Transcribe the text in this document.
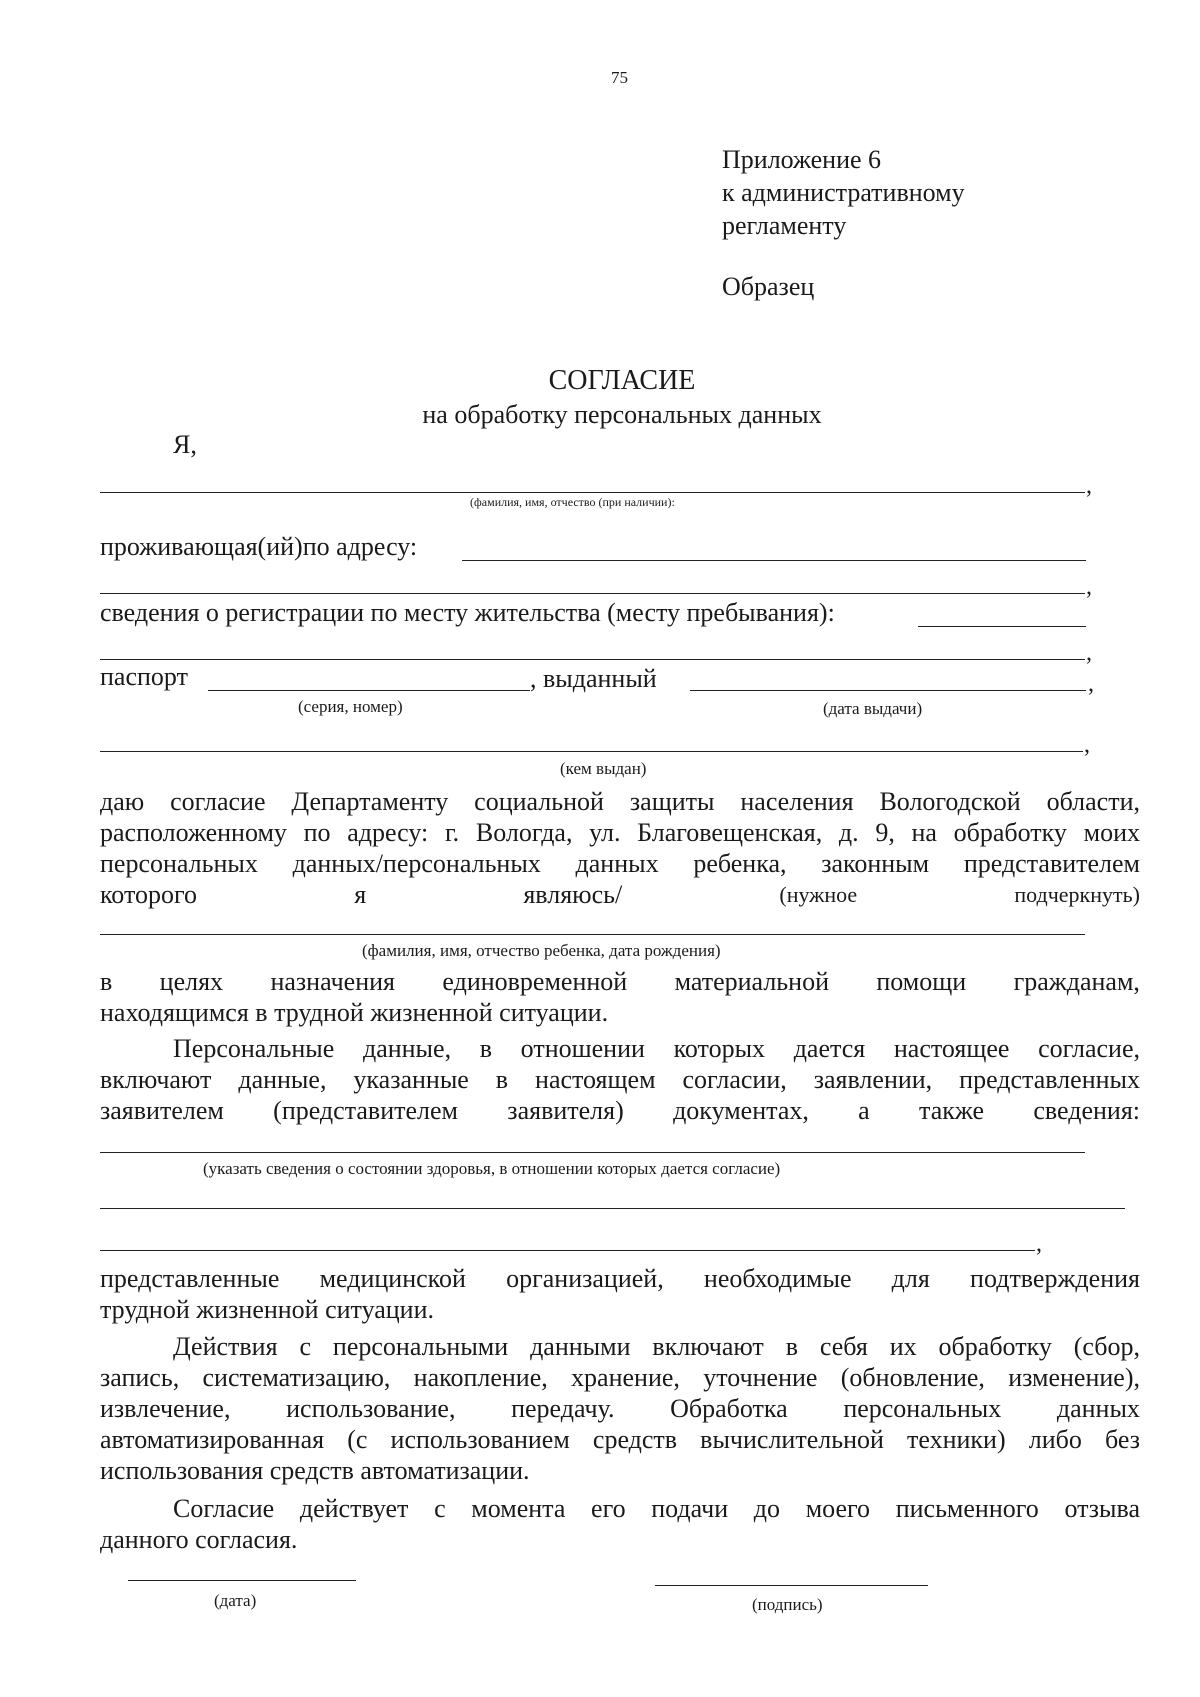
75
Приложение 6
к административному
регламенту
Образец
СОГЛАСИЕ
на обработку персональных данных
Я,
,
(фамилия, имя, отчество (при наличии):
проживающая(ий)по адресу:
,
сведения о регистрации по месту жительства (месту пребывания):
,
паспорт	, выданный	,
(серия, номер)	(дата выдачи)
,
(кем выдан)
даю согласие Департаменту социальной защиты населения Вологодской области,
расположенному по адресу: г. Вологда, ул. Благовещенская, д. 9, на обработку моих
персональных данных/персональных данных ребенка, законным представителем
которого	я	являюсь/	(нужное	подчеркнуть)
(фамилия, имя, отчество ребенка, дата рождения)
в целях назначения единовременной материальной помощи гражданам,
находящимся в трудной жизненной ситуации.
Персональные данные, в отношении которых дается настоящее согласие,
включают данные, указанные в настоящем согласии, заявлении, представленных
заявителем (представителем заявителя) документах, а также сведения:
(указать сведения о состоянии здоровья, в отношении которых дается согласие)
,
представленные медицинской организацией, необходимые для подтверждения
трудной жизненной ситуации.
Действия с персональными данными включают в себя их обработку (сбор,
запись, систематизацию, накопление, хранение, уточнение (обновление, изменение),
извлечение, использование, передачу. Обработка персональных данных
автоматизированная (с использованием средств вычислительной техники) либо без
использования средств автоматизации.
Согласие действует с момента его подачи до моего письменного отзыва
данного согласия.
(дата)	(подпись)
